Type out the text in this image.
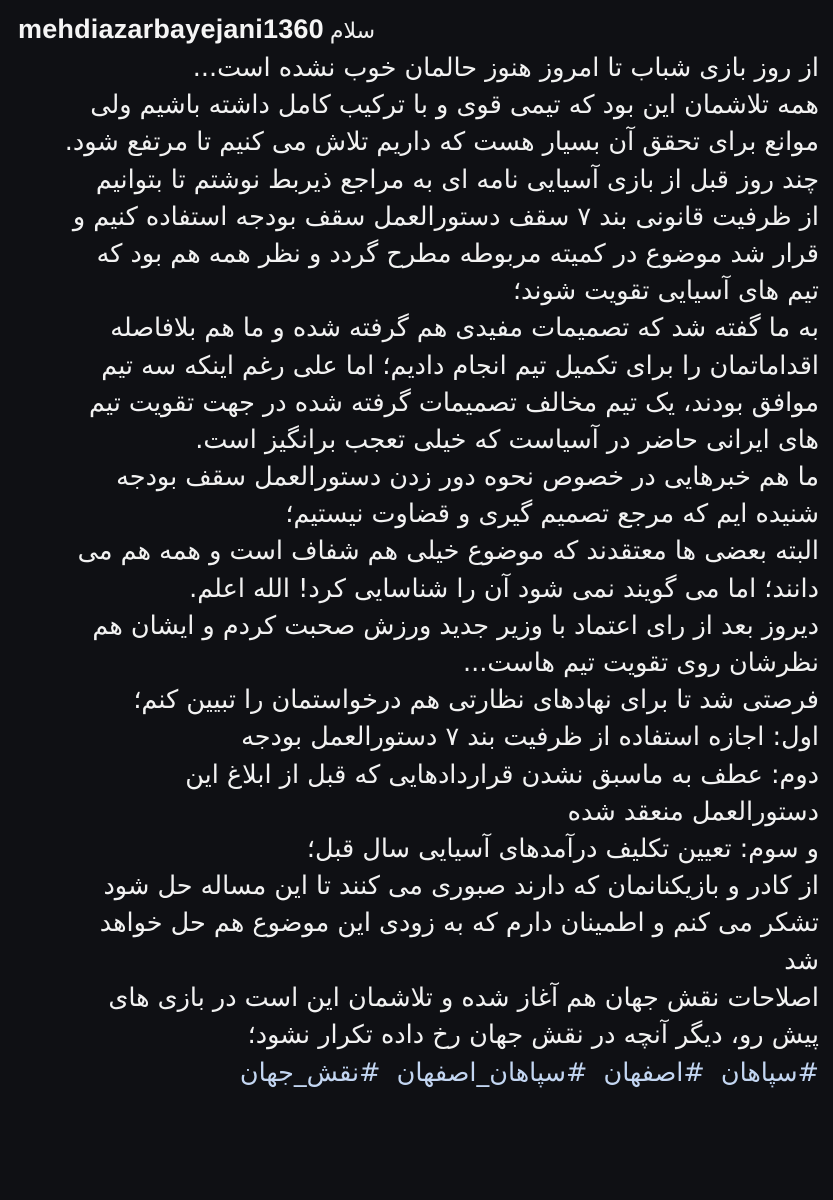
mehdiazarbayejani1360 سلام
از روز بازی شباب تا امروز هنوز حالمان خوب نشده است...
همه تلاشمان این بود که تیمی قوی و با ترکیب کامل داشته باشیم ولی
موانع برای تحقق آن بسیار هست که داریم تلاش می کنیم تا مرتفع شود.
چند روز قبل از بازی آسیایی نامه ای به مراجع ذیربط نوشتم تا بتوانیم
از ظرفیت قانونی بند ۷ سقف دستورالعمل سقف بودجه استفاده کنیم و
قرار شد موضوع در کمیته مربوطه مطرح گردد و نظر همه هم بود که
تیم های آسیایی تقویت شوند؛
به ما گفته شد که تصمیمات مفیدی هم گرفته شده و ما هم بلافاصله
اقداماتمان را برای تکمیل تیم انجام دادیم؛ اما علی رغم اینکه سه تیم
موافق بودند، یک تیم مخالف تصمیمات گرفته شده در جهت تقویت تیم
های ایرانی حاضر در آسیاست که خیلی تعجب برانگیز است.
ما هم خبرهایی در خصوص نحوه دور زدن دستورالعمل سقف بودجه
شنیده ایم که مرجع تصمیم گیری و قضاوت نیستیم؛
البته بعضی ها معتقدند که موضوع خیلی هم شفاف است و همه هم می
دانند؛ اما می گویند نمی شود آن را شناسایی کرد! الله اعلم.
دیروز بعد از رای اعتماد با وزیر جدید ورزش صحبت کردم و ایشان هم
نظرشان روی تقویت تیم هاست...
فرصتی شد تا برای نهادهای نظارتی هم درخواستمان را تبیین کنم؛
اول: اجازه استفاده از ظرفیت بند ۷ دستورالعمل بودجه
دوم: عطف به ماسبق نشدن قراردادهایی که قبل از ابلاغ این
دستورالعمل منعقد شده
و سوم: تعیین تکلیف درآمدهای آسیایی سال قبل؛
از کادر و بازیکنانمان که دارند صبوری می کنند تا این مساله حل شود
تشکر می کنم و اطمینان دارم که به زودی این موضوع هم حل خواهد
شد
اصلاحات نقش جهان هم آغاز شده و تلاشمان این است در بازی های
پیش رو، دیگر آنچه در نقش جهان رخ داده تکرار نشود؛
#سپاهان #اصفهان #سپاهان_اصفهان #نقش_جهان
